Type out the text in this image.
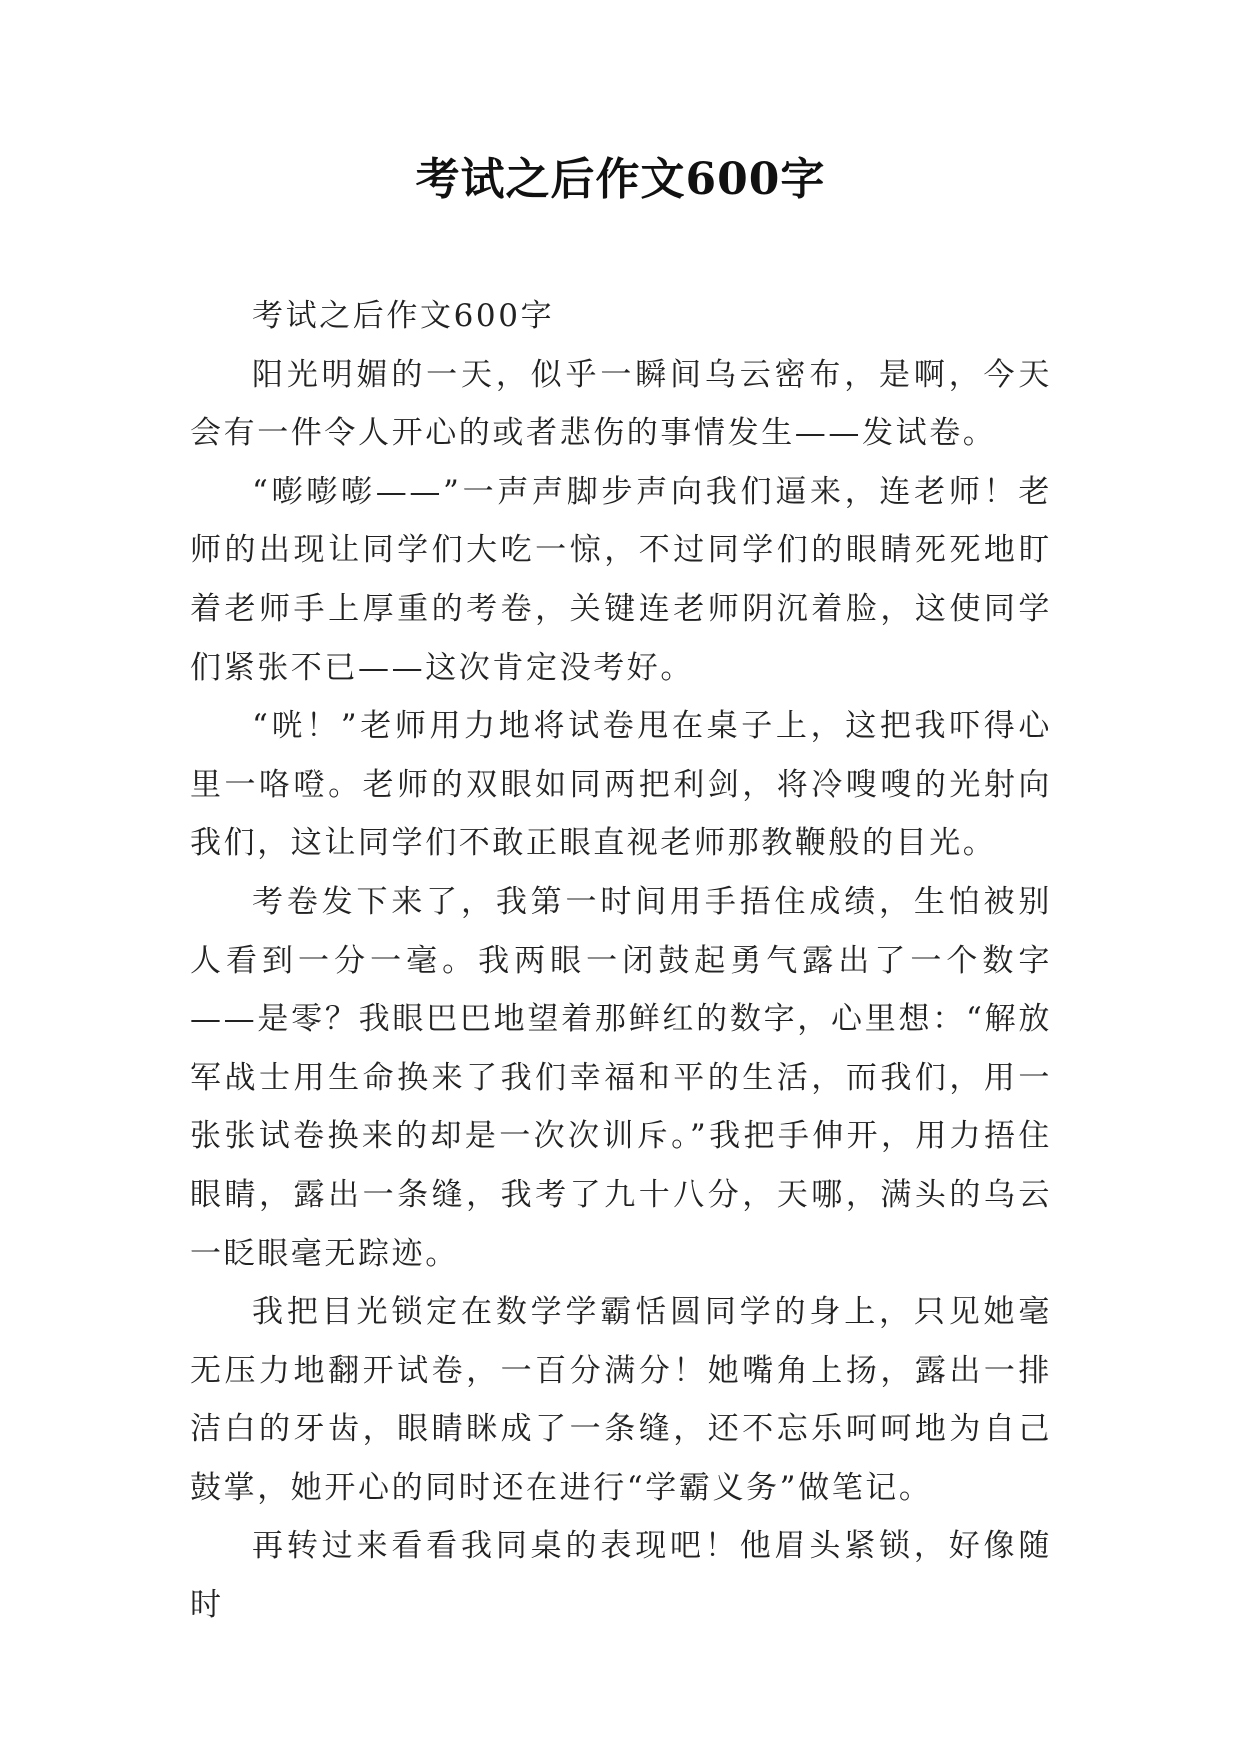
考试之后作文600字

考试之后作文600字

阳光明媚的一天，似乎一瞬间乌云密布，是啊，今天会有一件令人开心的或者悲伤的事情发生——发试卷。

“嘭嘭嘭——”一声声脚步声向我们逼来，连老师！老师的出现让同学们大吃一惊，不过同学们的眼睛死死地盯着老师手上厚重的考卷，关键连老师阴沉着脸，这使同学们紧张不已——这次肯定没考好。

“咣！”老师用力地将试卷甩在桌子上，这把我吓得心里一咯噔。老师的双眼如同两把利剑，将冷嗖嗖的光射向我们，这让同学们不敢正眼直视老师那教鞭般的目光。

考卷发下来了，我第一时间用手捂住成绩，生怕被别人看到一分一毫。我两眼一闭鼓起勇气露出了一个数字——是零？我眼巴巴地望着那鲜红的数字，心里想：“解放军战士用生命换来了我们幸福和平的生活，而我们，用一张张试卷换来的却是一次次训斥。”我把手伸开，用力捂住眼睛，露出一条缝，我考了九十八分，天哪，满头的乌云一眨眼毫无踪迹。

我把目光锁定在数学学霸恬圆同学的身上，只见她毫无压力地翻开试卷，一百分满分！她嘴角上扬，露出一排洁白的牙齿，眼睛眯成了一条缝，还不忘乐呵呵地为自己鼓掌，她开心的同时还在进行“学霸义务”做笔记。

再转过来看看我同桌的表现吧！他眉头紧锁，好像随时
